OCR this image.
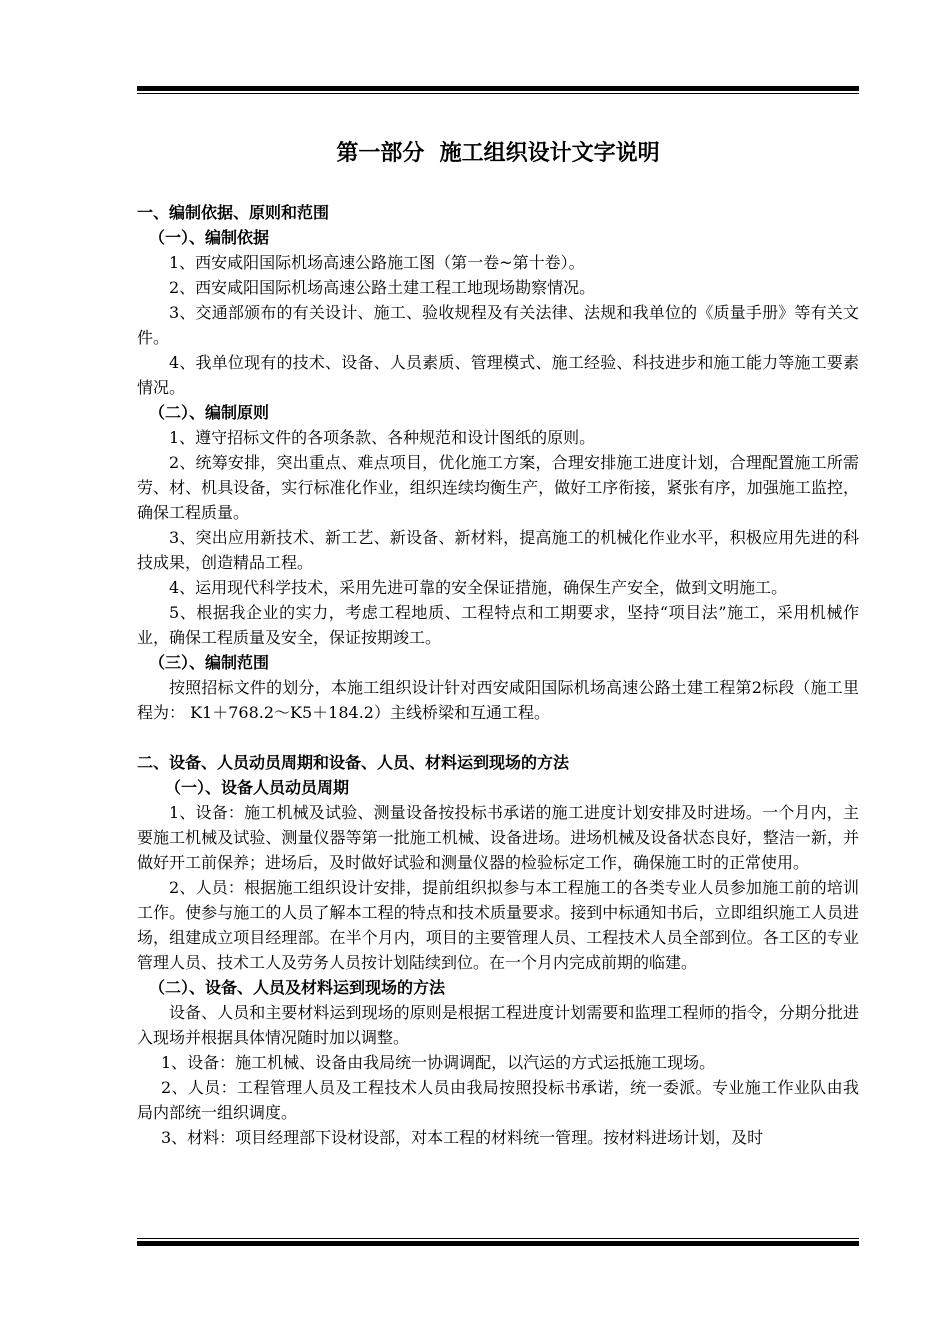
第一部分  施工组织设计文字说明
一、编制依据、原则和范围
（一）、编制依据
1、西安咸阳国际机场高速公路施工图（第一卷~第十卷）。
2、西安咸阳国际机场高速公路土建工程工地现场勘察情况。
3、交通部颁布的有关设计、施工、验收规程及有关法律、法规和我单位的《质量手册》等有关文件。
4、我单位现有的技术、设备、人员素质、管理模式、施工经验、科技进步和施工能力等施工要素情况。
（二）、编制原则
1、遵守招标文件的各项条款、各种规范和设计图纸的原则。
2、统筹安排，突出重点、难点项目，优化施工方案，合理安排施工进度计划，合理配置施工所需劳、材、机具设备，实行标准化作业，组织连续均衡生产，做好工序衔接，紧张有序，加强施工监控，确保工程质量。
3、突出应用新技术、新工艺、新设备、新材料，提高施工的机械化作业水平，积极应用先进的科技成果，创造精品工程。
4、运用现代科学技术，采用先进可靠的安全保证措施，确保生产安全，做到文明施工。
5、根据我企业的实力，考虑工程地质、工程特点和工期要求，坚持“项目法”施工，采用机械作业，确保工程质量及安全，保证按期竣工。
（三）、编制范围
按照招标文件的划分，本施工组织设计针对西安咸阳国际机场高速公路土建工程第2标段（施工里程为： K1＋768.2～K5＋184.2）主线桥梁和互通工程。
二、设备、人员动员周期和设备、人员、材料运到现场的方法
（一）、设备人员动员周期
1、设备：施工机械及试验、测量设备按投标书承诺的施工进度计划安排及时进场。一个月内，主要施工机械及试验、测量仪器等第一批施工机械、设备进场。进场机械及设备状态良好，整洁一新，并做好开工前保养；进场后，及时做好试验和测量仪器的检验标定工作，确保施工时的正常使用。
2、人员：根据施工组织设计安排，提前组织拟参与本工程施工的各类专业人员参加施工前的培训工作。使参与施工的人员了解本工程的特点和技术质量要求。接到中标通知书后，立即组织施工人员进场，组建成立项目经理部。在半个月内，项目的主要管理人员、工程技术人员全部到位。各工区的专业管理人员、技术工人及劳务人员按计划陆续到位。在一个月内完成前期的临建。
（二）、设备、人员及材料运到现场的方法
设备、人员和主要材料运到现场的原则是根据工程进度计划需要和监理工程师的指令，分期分批进入现场并根据具体情况随时加以调整。
1、设备：施工机械、设备由我局统一协调调配，以汽运的方式运抵施工现场。
2、人员：工程管理人员及工程技术人员由我局按照投标书承诺，统一委派。专业施工作业队由我局内部统一组织调度。
3、材料：项目经理部下设材设部，对本工程的材料统一管理。按材料进场计划，及时
